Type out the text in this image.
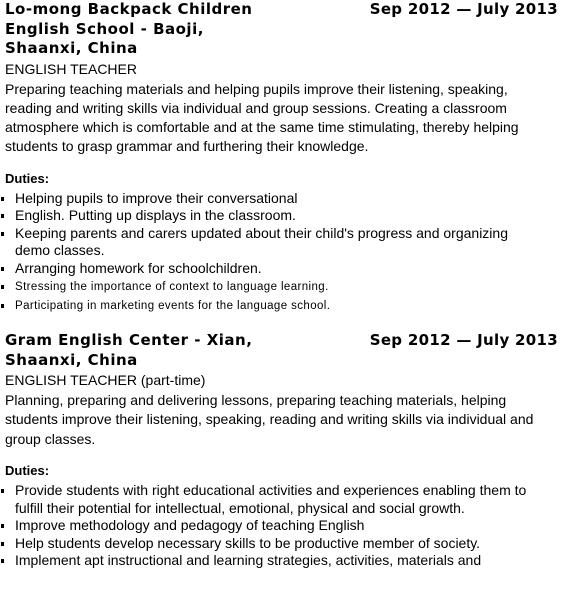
Lo-mong Backpack Children English School - Baoji, Shaanxi, China
Sep 2012 — July 2013
ENGLISH TEACHER
Preparing teaching materials and helping pupils improve their listening, speaking, reading and writing skills via individual and group sessions. Creating a classroom atmosphere which is comfortable and at the same time stimulating, thereby helping students to grasp grammar and furthering their knowledge.
Duties:
Helping pupils to improve their conversational
English. Putting up displays in the classroom.
Keeping parents and carers updated about their child's progress and organizing demo classes.
Arranging homework for schoolchildren.
Stressing the importance of context to language learning.
Participating in marketing events for the language school.
Gram English Center - Xian, Shaanxi, China
Sep 2012 — July 2013
ENGLISH TEACHER (part-time)
Planning, preparing and delivering lessons, preparing teaching materials, helping students improve their listening, speaking, reading and writing skills via individual and group classes.
Duties:
Provide students with right educational activities and experiences enabling them to fulfill their potential for intellectual, emotional, physical and social growth.
Improve methodology and pedagogy of teaching English
Help students develop necessary skills to be productive member of society.
Implement apt instructional and learning strategies, activities, materials and
